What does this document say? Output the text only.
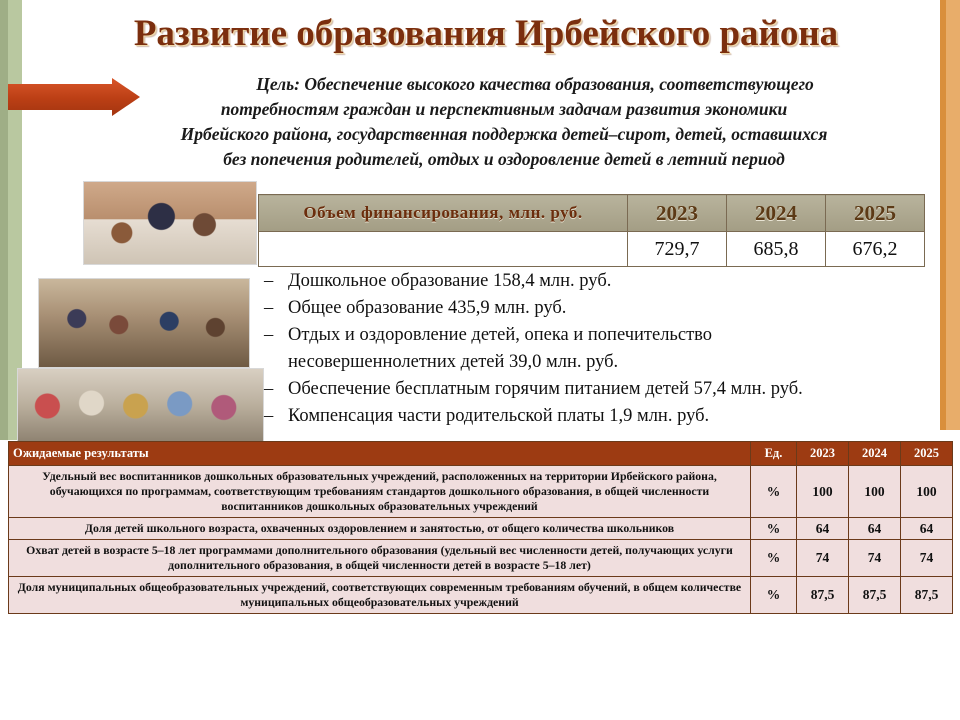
Развитие образования Ирбейского района
Цель: Обеспечение высокого качества образования, соответствующего
потребностям граждан и перспективным задачам развития экономики
Ирбейского района, государственная поддержка детей–сирот, детей, оставшихся
без попечения родителей, отдых и оздоровление детей в летний период
Объем финансирования, млн. руб.	2023	2024	2025
	729,7	685,8	676,2
– Дошкольное образование 158,4 млн. руб.
– Общее образование 435,9 млн. руб.
– Отдых и оздоровление детей, опека и попечительство
несовершеннолетних детей 39,0 млн. руб.
– Обеспечение бесплатным горячим питанием детей 57,4 млн. руб.
– Компенсация части родительской платы 1,9 млн. руб.
Ожидаемые результаты	Ед.	2023	2024	2025
Удельный вес воспитанников дошкольных образовательных учреждений, расположенных на территории Ирбейского района, обучающихся по программам, соответствующим требованиям стандартов дошкольного образования, в общей численности воспитанников дошкольных образовательных учреждений	%	100	100	100
Доля детей школьного возраста, охваченных оздоровлением и занятостью, от общего количества школьников	%	64	64	64
Охват детей в возрасте 5–18 лет программами дополнительного образования (удельный вес численности детей, получающих услуги дополнительного образования, в общей численности детей в возрасте 5–18 лет)	%	74	74	74
Доля муниципальных общеобразовательных учреждений, соответствующих современным требованиям обучений, в общем количестве муниципальных общеобразовательных учреждений	%	87,5	87,5	87,5
